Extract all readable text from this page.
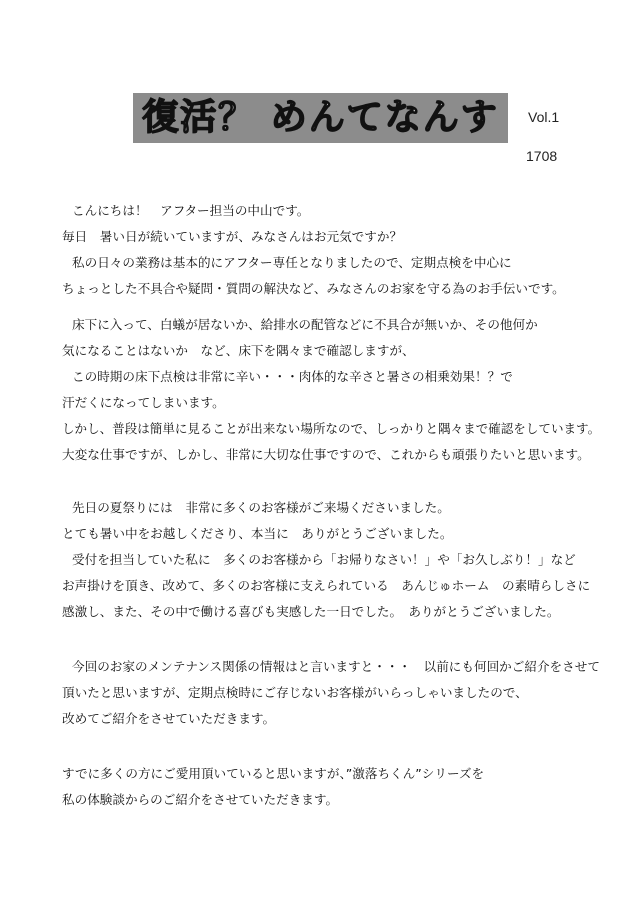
復活？ めんてなんす Vol.1
1708
こんにちは！　アフター担当の中山です。
毎日　暑い日が続いていますが、みなさんはお元気ですか？
私の日々の業務は基本的にアフター専任となりましたので、定期点検を中心に
ちょっとした不具合や疑問・質問の解決など、みなさんのお家を守る為のお手伝いです。
床下に入って、白蟻が居ないか、給排水の配管などに不具合が無いか、その他何か
気になることはないか　など、床下を隅々まで確認しますが、
この時期の床下点検は非常に辛い・・・肉体的な辛さと暑さの相乗効果！？で
汗だくになってしまいます。
しかし、普段は簡単に見ることが出来ない場所なので、しっかりと隅々まで確認をしています。
大変な仕事ですが、しかし、非常に大切な仕事ですので、これからも頑張りたいと思います。
先日の夏祭りには　非常に多くのお客様がご来場くださいました。
とても暑い中をお越しくださり、本当に　ありがとうございました。
受付を担当していた私に　多くのお客様から「お帰りなさい！」や「お久しぶり！」など
お声掛けを頂き、改めて、多くのお客様に支えられている　あんじゅホーム　の素晴らしさに
感激し、また、その中で働ける喜びも実感した一日でした。　ありがとうございました。
今回のお家のメンテナンス関係の情報はと言いますと・・・　以前にも何回かご紹介をさせて
頂いたと思いますが、定期点検時にご存じないお客様がいらっしゃいましたので、
改めてご紹介をさせていただきます。
すでに多くの方にご愛用頂いていると思いますが、”激落ちくん”シリーズを
私の体験談からのご紹介をさせていただきます。
